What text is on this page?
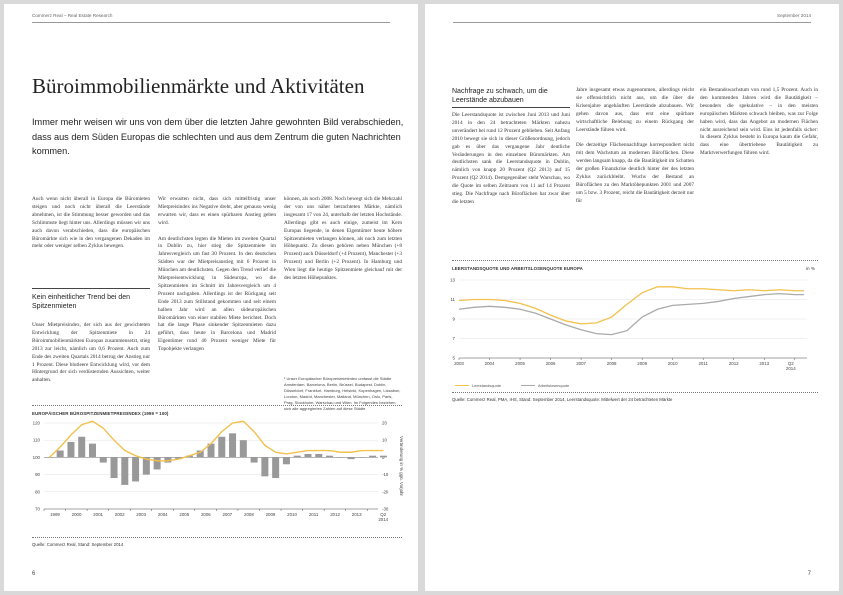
Commerz Real – Real Estate Research
Büroimmobilienmärkte und Aktivitäten
Immer mehr weisen wir uns von dem über die letzten Jahre gewohnten Bild verabschieden, dass aus dem Süden Europas die schlechten und aus dem Zentrum die guten Nachrichten kommen.

Auch wenn nicht überall in Europa die Büromieten steigen und noch nicht überall die Leerstände abnehmen, ist die Stimmung besser geworden und das Schlimmste liegt hinter uns. Allerdings müssen wir uns auch davon verabschieden, dass die europäischen Büromärkte sich wie in den vergangenen Dekaden im mehr oder weniger selben Zyklus bewegen.

Kein einheitlicher Trend bei den Spitzenmieten

Unser Mietpreisindex, der sich aus der gewichteten Entwicklung der Spitzenmiete in 24 Büroimmobilienmärkten Europas zusammensetzt, stieg 2013 zur leicht, nämlich um 0,6 Prozent. Auch zum Ende des zweiten Quartals 2014 betrug der Anstieg nur 1 Prozent. Diese blutleere Entwicklung wird, vor dem Hintergrund der sich verdüsternden Aussichten, weiter anhalten.

Wir erwarten nicht, dass sich mittelfristig unser Mietpreisindex ins Negative dreht, aber genauso wenig erwarten wir, dass es einen spürbaren Anstieg geben wird.

Am deutlichsten legten die Mieten im zweiten Quartal in Dublin zu, hier stieg die Spitzenmiete im Jahresvergleich um fast 30 Prozent. In den deutschen Städten war der Mietpreisanstieg mit 6 Prozent in München am deutlichsten. Gegen den Trend verlief die Mietpreisentwicklung in Südeuropa, wo die Spitzenmieten im Schnitt im Jahresvergleich um 4 Prozent nachgaben. Allerdings ist der Rückgang seit Ende 2013 zum Stillstand gekommen und seit einem halben Jahr wird an allen südeuropäischen Büromärkten von einer stabilen Miete berichtet. Doch hat die lange Phase sinkender Spitzenmieten dazu geführt, dass heute in Barcelona und Madrid Eigentümer rund 40 Prozent weniger Miete für Topobjekte verlangen

können, als noch 2008. Noch bewegt sich die Mehrzahl der von uns näher betrachteten Märkte, nämlich insgesamt 17 von 24, unterhalb der letzten Hochstände. Allerdings gibt es auch einige, zumeist im Kern Europas liegende, in denen Eigentümer heute höhere Spitzenmieten verlangen können, als noch zum letzten Höhepunkt. Zu diesen gehören neben München (+8 Prozent) auch Düsseldorf (+4 Prozent), Manchester (+3 Prozent) und Berlin (+2 Prozent). In Hamburg und Wien liegt die heutige Spitzenmiete gleichauf mit der des letzten Höhepunktes.

¹ Unser Europäischer Büropreismietindex umfasst die Städte Amsterdam, Barcelona, Berlin, Brüssel, Budapest, Dublin, Düsseldorf, Frankfurt, Hamburg, Helsinki, Kopenhagen, Lissabon, London, Madrid, Manchester, Mailand, München, Oslo, Paris, Prag, Stockholm, Warschau und Wien. Im Folgenden beziehen sich alle aggregierten Zahlen auf diese Städte.
EUROPÄISCHER BÜROSPITZENMIETPREISINDEX (1999 = 100)
70
80
90
100
110
120
-30
-20
-10
10
20
1999	2000	2001	2002	2003	2004	2005	2006	2007	2008	2009	2010	2011	2012	2013	Q2
2014
Veränderung in % ggü. Vorjahr
Quelle: Commerz Real, Stand: September 2014
6
September 2014
Nachfrage zu schwach, um die Leerstände abzubauen

Die Leerstandsquote ist zwischen Juni 2013 und Juni 2014 in den 24 betrachteten Märkten nahezu unverändert bei rund 12 Prozent geblieben. Seit Anfang 2010 bewegt sie sich in dieser Größenordnung, jedoch gab es über das vergangene Jahr deutliche Veränderungen in den einzelnen Büromärkten. Am deutlichsten sank die Leerstandsquote in Dublin, nämlich von knapp 20 Prozent (Q2 2013) auf 15 Prozent (Q2 2014). Demgegenüber steht Warschau, wo die Quote im selben Zeitraum von 11 auf 14 Prozent stieg. Die Nachfrage nach Büroflächen hat zwar über die letzten

Jahre insgesamt etwas zugenommen, allerdings reicht sie offensichtlich nicht aus, um die über die Krisenjahre angehäuften Leerstände abzubauen. Wir gehen davon aus, dass erst eine spürbare wirtschaftliche Belebung zu einem Rückgang der Leerstände führen wird.

Die derzeitige Flächennachfrage korrespondiert nicht mit dem Wachstum an modernen Büroflächen. Diese werden langsam knapp, da die Bautätigkeit im Schatten der großen Finanzkrise deutlich hinter der des letzten Zyklus zurückbleibt. Wuchs der Bestand an Büroflächen zu den Marktöhepunkten 2001 und 2007 um 5 bzw. 3 Prozent, reicht die Bautätigkeit derzeit nur für

ein Bestandswachstum von rund 1,5 Prozent. Auch in den kommenden Jahren wird die Bautätigkeit – besonders die spekulative – in den meisten europäischen Märkten schwach bleiben, was zur Folge haben wird, dass das Angebot an modernen Flächen nicht ausreichend sein wird. Eins ist jedenfalls sicher: In diesem Zyklus besteht in Europa kaum die Gefahr, dass eine übertriebene Bautätigkeit zu Marktverwerfungen führen wird.

LEERSTANDSQUOTE UND ARBEITSLOSENQUOTE EUROPA	in %
5
7
9
11
13
2003	2004	2005	2006	2007	2008	2009	2010	2011	2012	2013	Q2
2014
Leerstandsquote	Arbeitslosenquote
Quelle: Commerz Real, PMA, IHS, Stand: September 2014, Leerstandsquote: Mittelwert der 24 betrachteten Märkte
7
